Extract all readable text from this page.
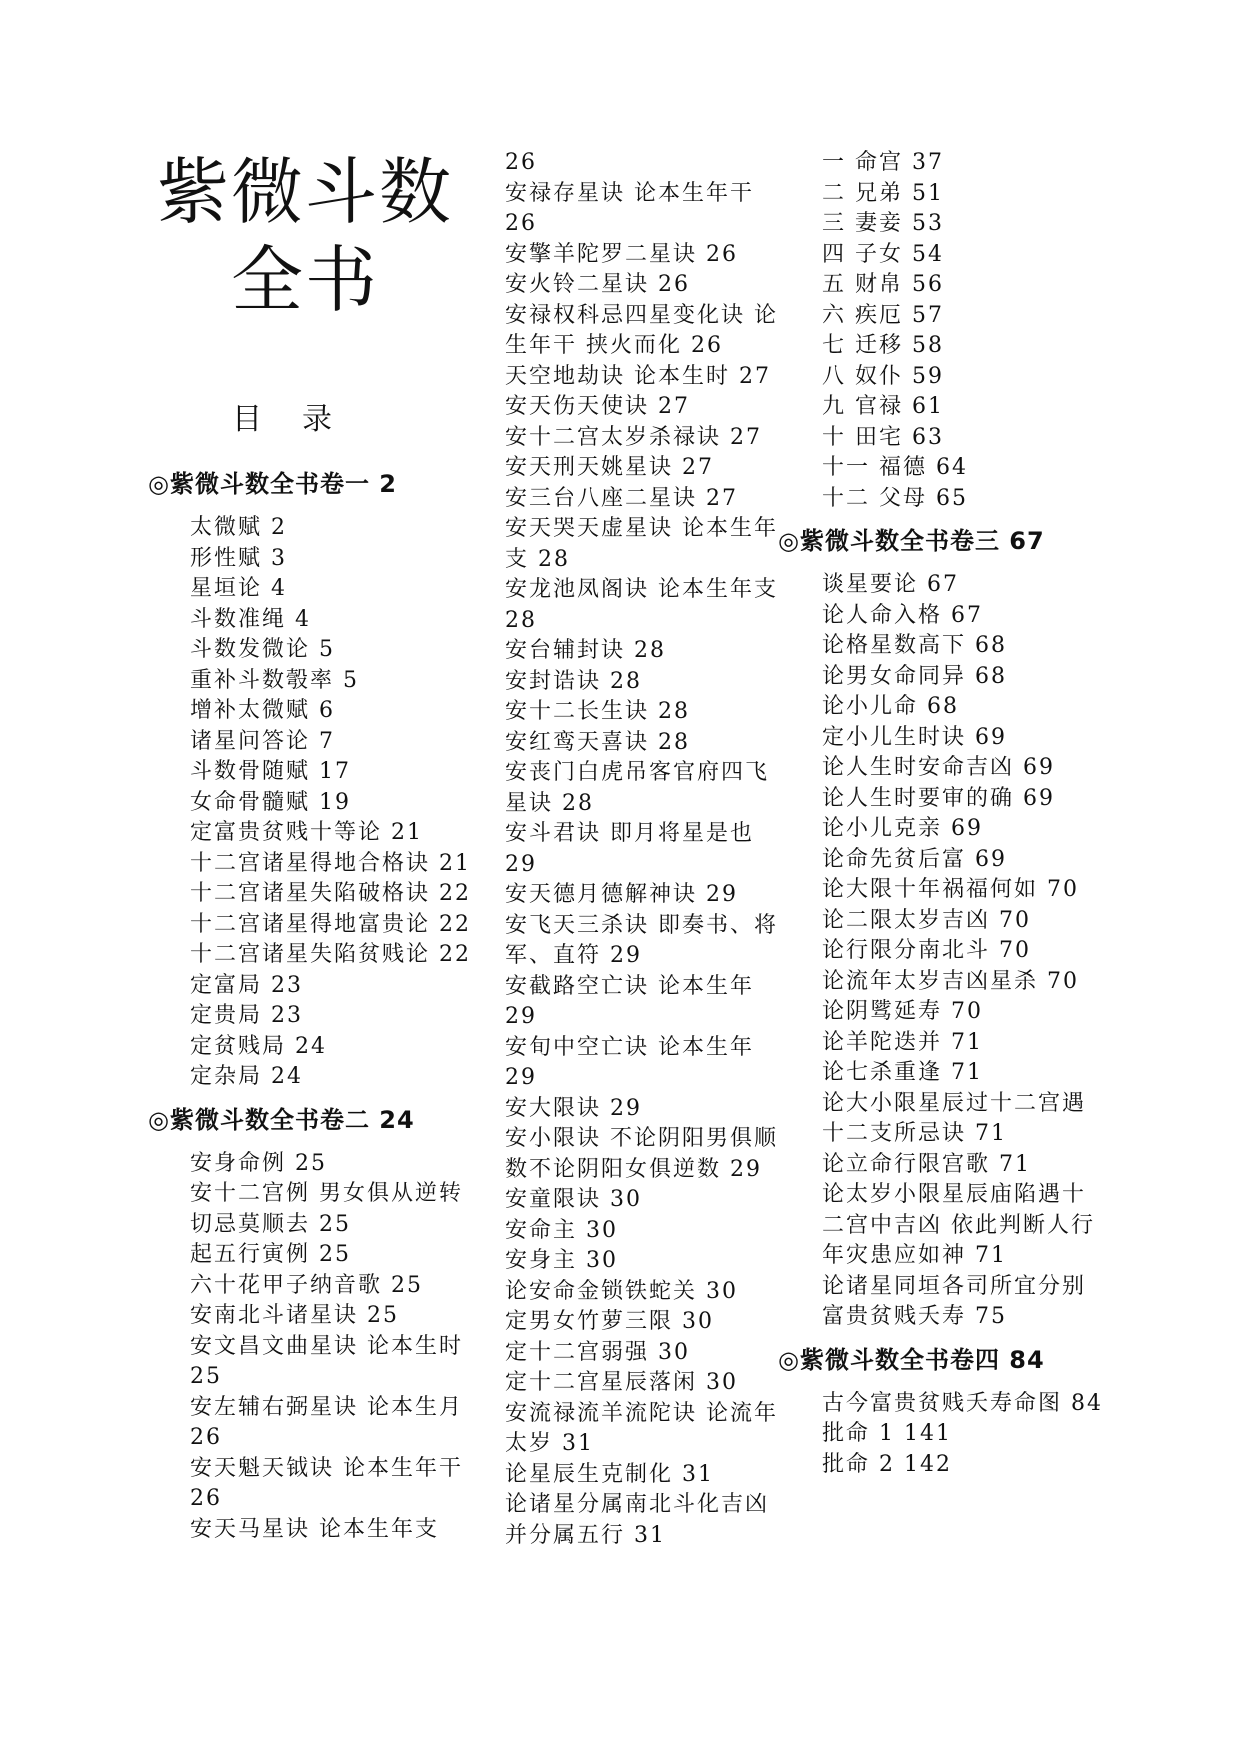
紫微斗数
全书
目录
◎紫微斗数全书卷一 2
太微赋 2
形性赋 3
星垣论 4
斗数准绳 4
斗数发微论 5
重补斗数彀率 5
增补太微赋 6
诸星问答论 7
斗数骨随赋 17
女命骨髓赋 19
定富贵贫贱十等论 21
十二宫诸星得地合格诀 21
十二宫诸星失陷破格诀 22
十二宫诸星得地富贵论 22
十二宫诸星失陷贫贱论 22
定富局 23
定贵局 23
定贫贱局 24
定杂局 24
◎紫微斗数全书卷二 24
安身命例 25
安十二宫例 男女俱从逆转
切忌莫顺去 25
起五行寅例 25
六十花甲子纳音歌 25
安南北斗诸星诀 25
安文昌文曲星诀 论本生时
25
安左辅右弼星诀 论本生月
26
安天魁天钺诀 论本生年干
26
安天马星诀 论本生年支
26
安禄存星诀 论本生年干
26
安擎羊陀罗二星诀 26
安火铃二星诀 26
安禄权科忌四星变化诀 论
生年干 挟火而化 26
天空地劫诀 论本生时 27
安天伤天使诀 27
安十二宫太岁杀禄诀 27
安天刑天姚星诀 27
安三台八座二星诀 27
安天哭天虚星诀 论本生年
支 28
安龙池凤阁诀 论本生年支
28
安台辅封诀 28
安封诰诀 28
安十二长生诀 28
安红鸾天喜诀 28
安丧门白虎吊客官府四飞
星诀 28
安斗君诀 即月将星是也
29
安天德月德解神诀 29
安飞天三杀诀 即奏书、将
军、直符 29
安截路空亡诀 论本生年
29
安旬中空亡诀 论本生年
29
安大限诀 29
安小限诀 不论阴阳男俱顺
数不论阴阳女俱逆数 29
安童限诀 30
安命主 30
安身主 30
论安命金锁铁蛇关 30
定男女竹萝三限 30
定十二宫弱强 30
定十二宫星辰落闲 30
安流禄流羊流陀诀 论流年
太岁 31
论星辰生克制化 31
论诸星分属南北斗化吉凶
并分属五行 31
一 命宫 37
二 兄弟 51
三 妻妾 53
四 子女 54
五 财帛 56
六 疾厄 57
七 迁移 58
八 奴仆 59
九 官禄 61
十 田宅 63
十一 福德 64
十二 父母 65
◎紫微斗数全书卷三 67
谈星要论 67
论人命入格 67
论格星数高下 68
论男女命同异 68
论小儿命 68
定小儿生时诀 69
论人生时安命吉凶 69
论人生时要审的确 69
论小儿克亲 69
论命先贫后富 69
论大限十年祸福何如 70
论二限太岁吉凶 70
论行限分南北斗 70
论流年太岁吉凶星杀 70
论阴骘延寿 70
论羊陀迭并 71
论七杀重逢 71
论大小限星辰过十二宫遇
十二支所忌诀 71
论立命行限宫歌 71
论太岁小限星辰庙陷遇十
二宫中吉凶 依此判断人行
年灾患应如神 71
论诸星同垣各司所宜分别
富贵贫贱夭寿 75
◎紫微斗数全书卷四 84
古今富贵贫贱夭寿命图 84
批命 1 141
批命 2 142
